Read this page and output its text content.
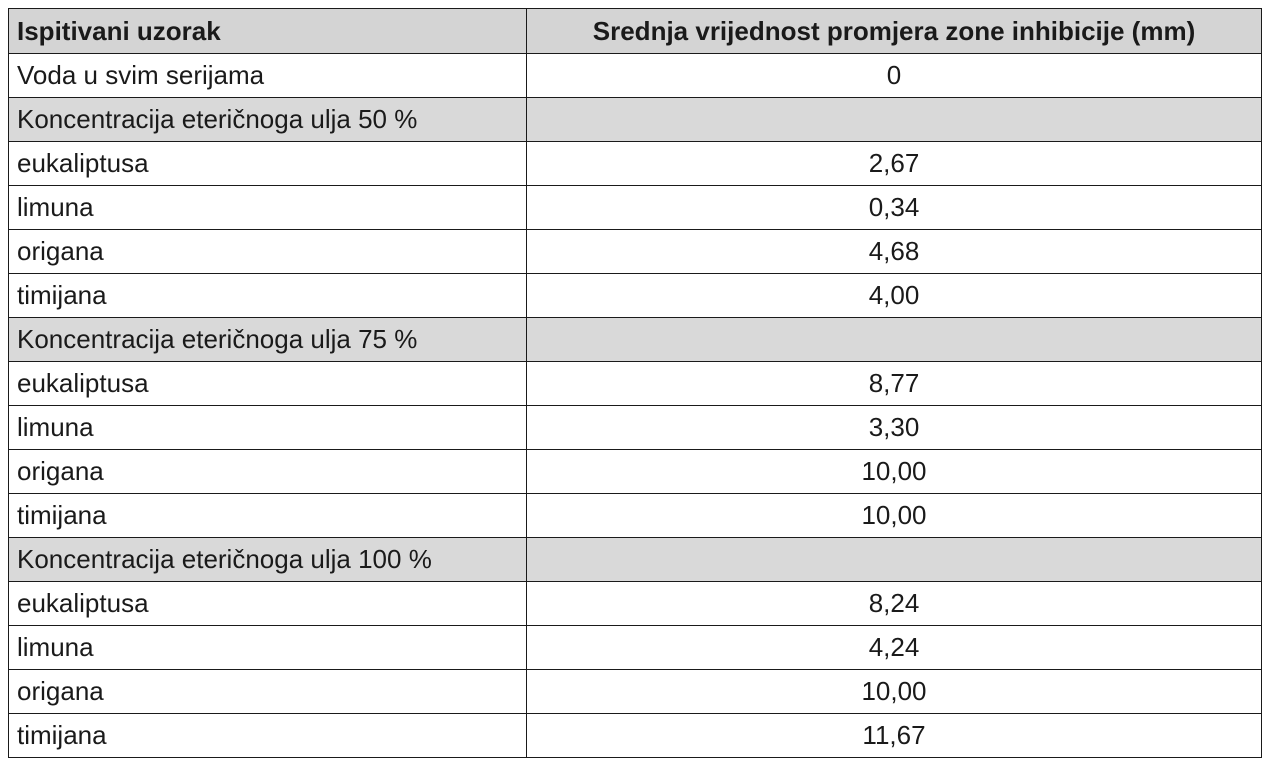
Ispitivani uzorak	Srednja vrijednost promjera zone inhibicije (mm)
Voda u svim serijama	0
Koncentracija eteričnoga ulja 50 %	
eukaliptusa	2,67
limuna	0,34
origana	4,68
timijana	4,00
Koncentracija eteričnoga ulja 75 %	
eukaliptusa	8,77
limuna	3,30
origana	10,00
timijana	10,00
Koncentracija eteričnoga ulja 100 %	
eukaliptusa	8,24
limuna	4,24
origana	10,00
timijana	11,67
